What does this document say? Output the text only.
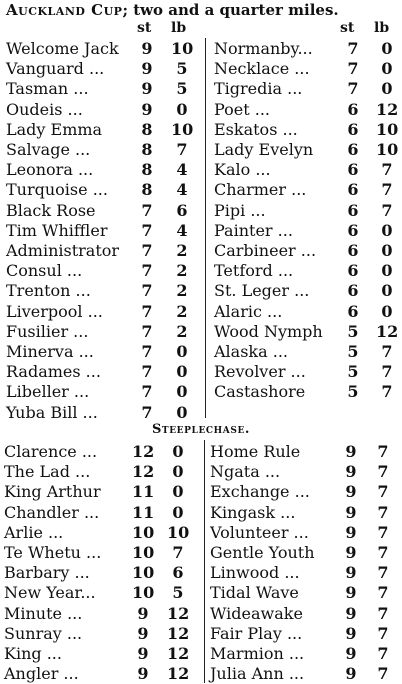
Auckland Cup; two and a quarter miles.
st lb	st lb
Welcome Jack	9	10
Vanguard ...	9	5
Tasman ...	9	5
Oudeis ...	9	0
Lady Emma	8	10
Salvage ...	8	7
Leonora ...	8	4
Turquoise ...	8	4
Black Rose	7	6
Tim Whiffler	7	4
Administrator	7	2
Consul ...	7	2
Trenton ...	7	2
Liverpool ...	7	2
Fusilier ...	7	2
Minerva ...	7	0
Radames ...	7	0
Libeller ...	7	0
Yuba Bill ...	7	0
Normanby...	7	0
Necklace ...	7	0
Tigredia ...	7	0
Poet ...	6	12
Eskatos ...	6	10
Lady Evelyn	6	10
Kalo ...	6	7
Charmer ...	6	7
Pipi ...	6	7
Painter ...	6	0
Carbineer ...	6	0
Tetford ...	6	0
St. Leger ...	6	0
Alaric ...	6	0
Wood Nymph	5	12
Alaska ...	5	7
Revolver ...	5	7
Castashore	5	7
Steeplechase.
Clarence ... 12	0
The Lad ...	12	0
King Arthur 11	0
Chandler ... 11	0
Arlie ...	10 10
Te Whetu ... 10	7
Barbary ...	10	6
New Year... 10	5
Minute ...	9	12
Sunray ...	9	12
King ...	9	12
Angler ...	9	12
Home Rule	9	7
Ngata ...	9	7
Exchange ...	9	7
Kingask ...	9	7
Volunteer ...	9	7
Gentle Youth	9	7
Linwood ...	9	7
Tidal Wave	9	7
Wideawake	9	7
Fair Play ...	9	7
Marmion ...	9	7
Julia Ann ...	9	7
